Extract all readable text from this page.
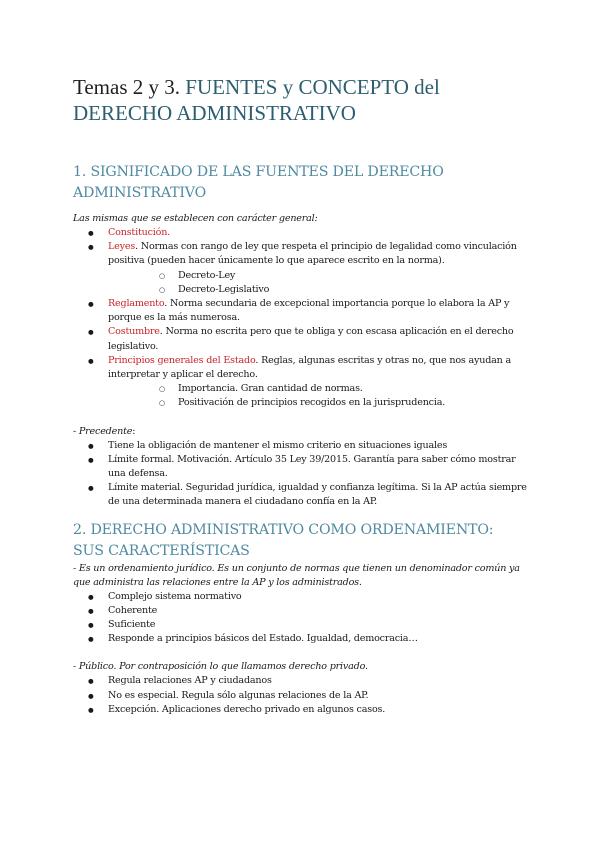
Temas 2 y 3. FUENTES y CONCEPTO del
DERECHO ADMINISTRATIVO
1. SIGNIFICADO DE LAS FUENTES DEL DERECHO
ADMINISTRATIVO

Las mismas que se establecen con carácter general:

● Constitución.
● Leyes. Normas con rango de ley que respeta el principio de legalidad como vinculación positiva (pueden hacer únicamente lo que aparece escrito en la norma).
○ Decreto-Ley
○ Decreto-Legislativo
● Reglamento. Norma secundaria de excepcional importancia porque lo elabora la AP y porque es la más numerosa.
● Costumbre. Norma no escrita pero que te obliga y con escasa aplicación en el derecho legislativo.
● Principios generales del Estado. Reglas, algunas escritas y otras no, que nos ayudan a interpretar y aplicar el derecho.
○ Importancia. Gran cantidad de normas.
○ Positivación de principios recogidos en la jurisprudencia.

- Precedente:

● Tiene la obligación de mantener el mismo criterio en situaciones iguales
● Límite formal. Motivación. Artículo 35 Ley 39/2015. Garantía para saber cómo mostrar una defensa.
● Límite material. Seguridad jurídica, igualdad y confianza legítima. Si la AP actúa siempre de una determinada manera el ciudadano confía en la AP.
2. DERECHO ADMINISTRATIVO COMO ORDENAMIENTO:
SUS CARACTERÍSTICAS

- Es un ordenamiento jurídico. Es un conjunto de normas que tienen un denominador común ya que administra las relaciones entre la AP y los administrados.

● Complejo sistema normativo
● Coherente
● Suficiente
● Responde a principios básicos del Estado. Igualdad, democracia…

- Público. Por contraposición lo que llamamos derecho privado.

● Regula relaciones AP y ciudadanos
● No es especial. Regula sólo algunas relaciones de la AP.
● Excepción. Aplicaciones derecho privado en algunos casos.
